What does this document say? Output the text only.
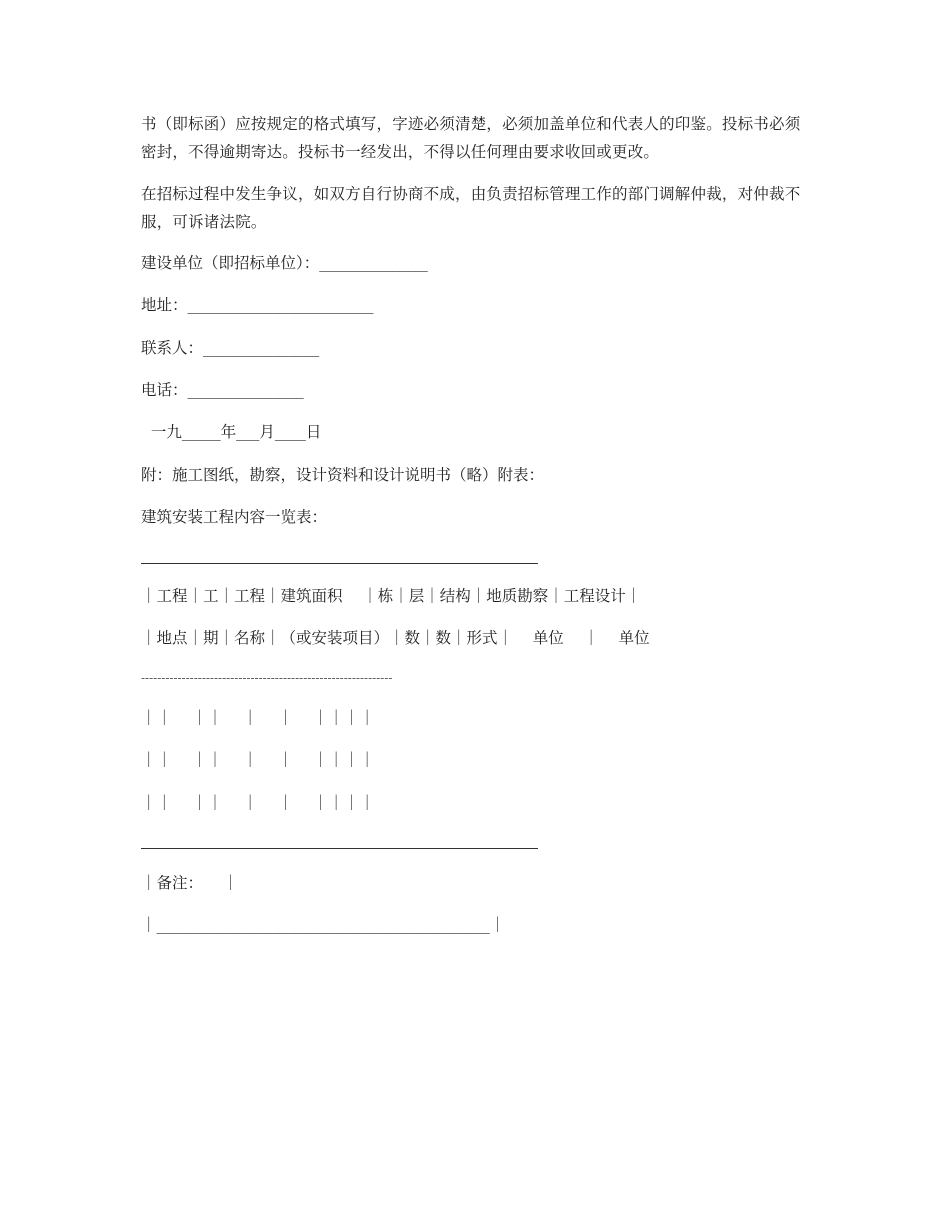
书（即标函）应按规定的格式填写，字迹必须清楚，必须加盖单位和代表人的印鉴。投标书必须密封，不得逾期寄达。投标书一经发出，不得以任何理由要求收回或更改。
在招标过程中发生争议，如双方自行协商不成，由负责招标管理工作的部门调解仲裁，对仲裁不服，可诉诸法院。
建设单位（即招标单位）：______________
地址：________________________
联系人：_______________
电话：_______________
一九_____年___月____日
附：施工图纸，勘察，设计资料和设计说明书（略）附表：
建筑安装工程内容一览表：
｜工程｜工｜工程｜建筑面积    ｜栋｜层｜结构｜地质勘察｜工程设计｜
｜地点｜期｜名称｜（或安装项目）｜数｜数｜形式｜    单位    ｜    单位
--------------------------------------------------------------
｜｜    ｜｜    ｜    ｜    ｜｜｜｜
｜｜    ｜｜    ｜    ｜    ｜｜｜｜
｜｜    ｜｜    ｜    ｜    ｜｜｜｜
｜备注：    ｜
｜___________________________________________｜
